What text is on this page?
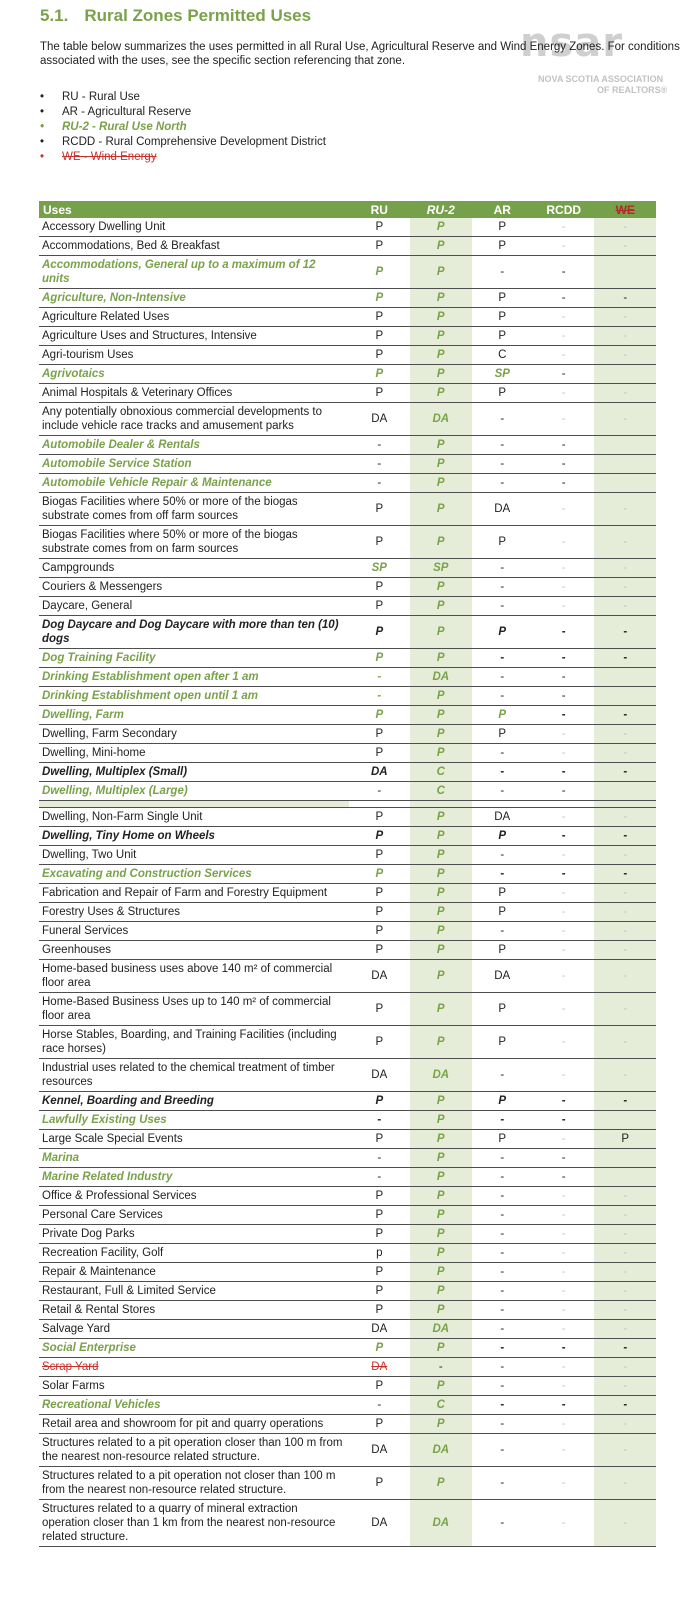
5.1. Rural Zones Permitted Uses
nsar
NOVA SCOTIA ASSOCIATION
OF REALTORS®
The table below summarizes the uses permitted in all Rural Use, Agricultural Reserve and Wind Energy Zones. For conditions associated with the uses, see the specific section referencing that zone.
• RU - Rural Use
• AR - Agricultural Reserve
• RU-2 - Rural Use North
• RCDD - Rural Comprehensive Development District
• WE - Wind Energy
Uses	RU	RU-2	AR	RCDD	WE
Accessory Dwelling Unit	P	P	P	-	-
Accommodations, Bed & Breakfast	P	P	P	-	-
Accommodations, General up to a maximum of 12 units	P	P	-	-	
Agriculture, Non-Intensive	P	P	P	-	-
Agriculture Related Uses	P	P	P	-	-
Agriculture Uses and Structures, Intensive	P	P	P	-	-
Agri-tourism Uses	P	P	C	-	-
Agrivotaics	P	P	SP	-	
Animal Hospitals & Veterinary Offices	P	P	P	-	-
Any potentially obnoxious commercial developments to include vehicle race tracks and amusement parks	DA	DA	-	-	-
Automobile Dealer & Rentals	-	P	-	-	
Automobile Service Station	-	P	-	-	
Automobile Vehicle Repair & Maintenance	-	P	-	-	
Biogas Facilities where 50% or more of the biogas substrate comes from off farm sources	P	P	DA	-	-
Biogas Facilities where 50% or more of the biogas substrate comes from on farm sources	P	P	P	-	-
Campgrounds	SP	SP	-	-	-
Couriers & Messengers	P	P	-	-	-
Daycare, General	P	P	-	-	-
Dog Daycare and Dog Daycare with more than ten (10) dogs	P	P	P	-	-
Dog Training Facility	P	P	-	-	-
Drinking Establishment open after 1 am	-	DA	-	-	
Drinking Establishment open until 1 am	-	P	-	-	
Dwelling, Farm	P	P	P	-	-
Dwelling, Farm Secondary	P	P	P	-	-
Dwelling, Mini-home	P	P	-	-	-
Dwelling, Multiplex (Small)	DA	C	-	-	-
Dwelling, Multiplex (Large)	-	C	-	-	

Dwelling, Non-Farm Single Unit	P	P	DA	-	-
Dwelling, Tiny Home on Wheels	P	P	P	-	-
Dwelling, Two Unit	P	P	-	-	-
Excavating and Construction Services	P	P	-	-	-
Fabrication and Repair of Farm and Forestry Equipment	P	P	P	-	-
Forestry Uses & Structures	P	P	P	-	-
Funeral Services	P	P	-	-	-
Greenhouses	P	P	P	-	-
Home-based business uses above 140 m² of commercial floor area	DA	P	DA	-	-
Home-Based Business Uses up to 140 m² of commercial floor area	P	P	P	-	-
Horse Stables, Boarding, and Training Facilities (including race horses)	P	P	P	-	-
Industrial uses related to the chemical treatment of timber resources	DA	DA	-	-	-
Kennel, Boarding and Breeding	P	P	P	-	-
Lawfully Existing Uses	-	P	-	-	
Large Scale Special Events	P	P	P	-	P
Marina	-	P	-	-	
Marine Related Industry	-	P	-	-	
Office & Professional Services	P	P	-	-	-
Personal Care Services	P	P	-	-	-
Private Dog Parks	P	P	-	-	-
Recreation Facility, Golf	p	P	-	-	-
Repair & Maintenance	P	P	-	-	-
Restaurant, Full & Limited Service	P	P	-	-	-
Retail & Rental Stores	P	P	-	-	-
Salvage Yard	DA	DA	-	-	-
Social Enterprise	P	P	-	-	-
Scrap Yard	DA	-	-	-	-
Solar Farms	P	P	-	-	-
Recreational Vehicles	-	C	-	-	-
Retail area and showroom for pit and quarry operations	P	P	-	-	-
Structures related to a pit operation closer than 100 m from the nearest non-resource related structure.	DA	DA	-	-	-
Structures related to a pit operation not closer than 100 m from the nearest non-resource related structure.	P	P	-	-	-
Structures related to a quarry of mineral extraction operation closer than 1 km from the nearest non-resource related structure.	DA	DA	-	-	-
